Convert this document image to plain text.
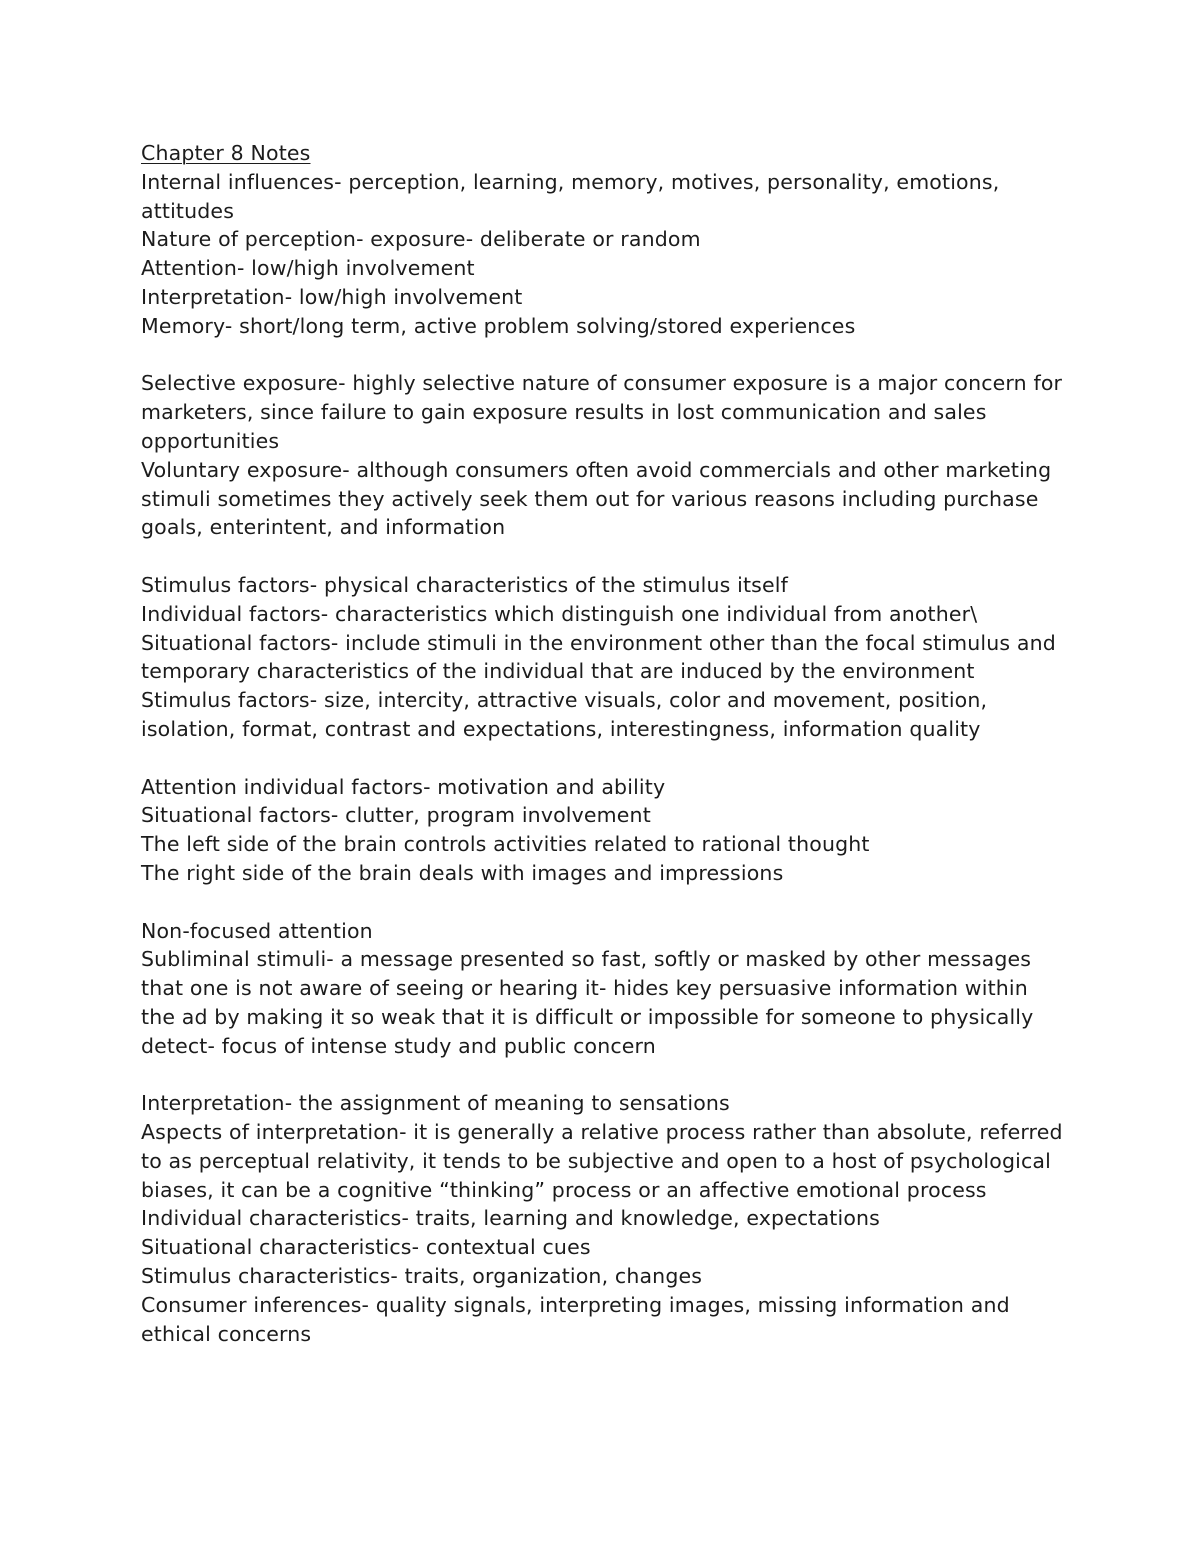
Chapter 8 Notes

Internal influences- perception, learning, memory, motives, personality, emotions, attitudes

Nature of perception- exposure- deliberate or random

Attention- low/high involvement

Interpretation- low/high involvement

Memory- short/long term, active problem solving/stored experiences

Selective exposure- highly selective nature of consumer exposure is a major concern for marketers, since failure to gain exposure results in lost communication and sales opportunities

Voluntary exposure- although consumers often avoid commercials and other marketing stimuli sometimes they actively seek them out for various reasons including purchase goals, enterintent, and information

Stimulus factors- physical characteristics of the stimulus itself

Individual factors- characteristics which distinguish one individual from another\

Situational factors- include stimuli in the environment other than the focal stimulus and temporary characteristics of the individual that are induced by the environment

Stimulus factors- size, intercity, attractive visuals, color and movement, position, isolation, format, contrast and expectations, interestingness, information quality

Attention individual factors- motivation and ability

Situational factors- clutter, program involvement

The left side of the brain controls activities related to rational thought

The right side of the brain deals with images and impressions

Non-focused attention

Subliminal stimuli- a message presented so fast, softly or masked by other messages that one is not aware of seeing or hearing it- hides key persuasive information within the ad by making it so weak that it is difficult or impossible for someone to physically detect- focus of intense study and public concern

Interpretation- the assignment of meaning to sensations

Aspects of interpretation- it is generally a relative process rather than absolute, referred to as perceptual relativity, it tends to be subjective and open to a host of psychological biases, it can be a cognitive “thinking” process or an affective emotional process

Individual characteristics- traits, learning and knowledge, expectations

Situational characteristics- contextual cues

Stimulus characteristics- traits, organization, changes

Consumer inferences- quality signals, interpreting images, missing information and ethical concerns
